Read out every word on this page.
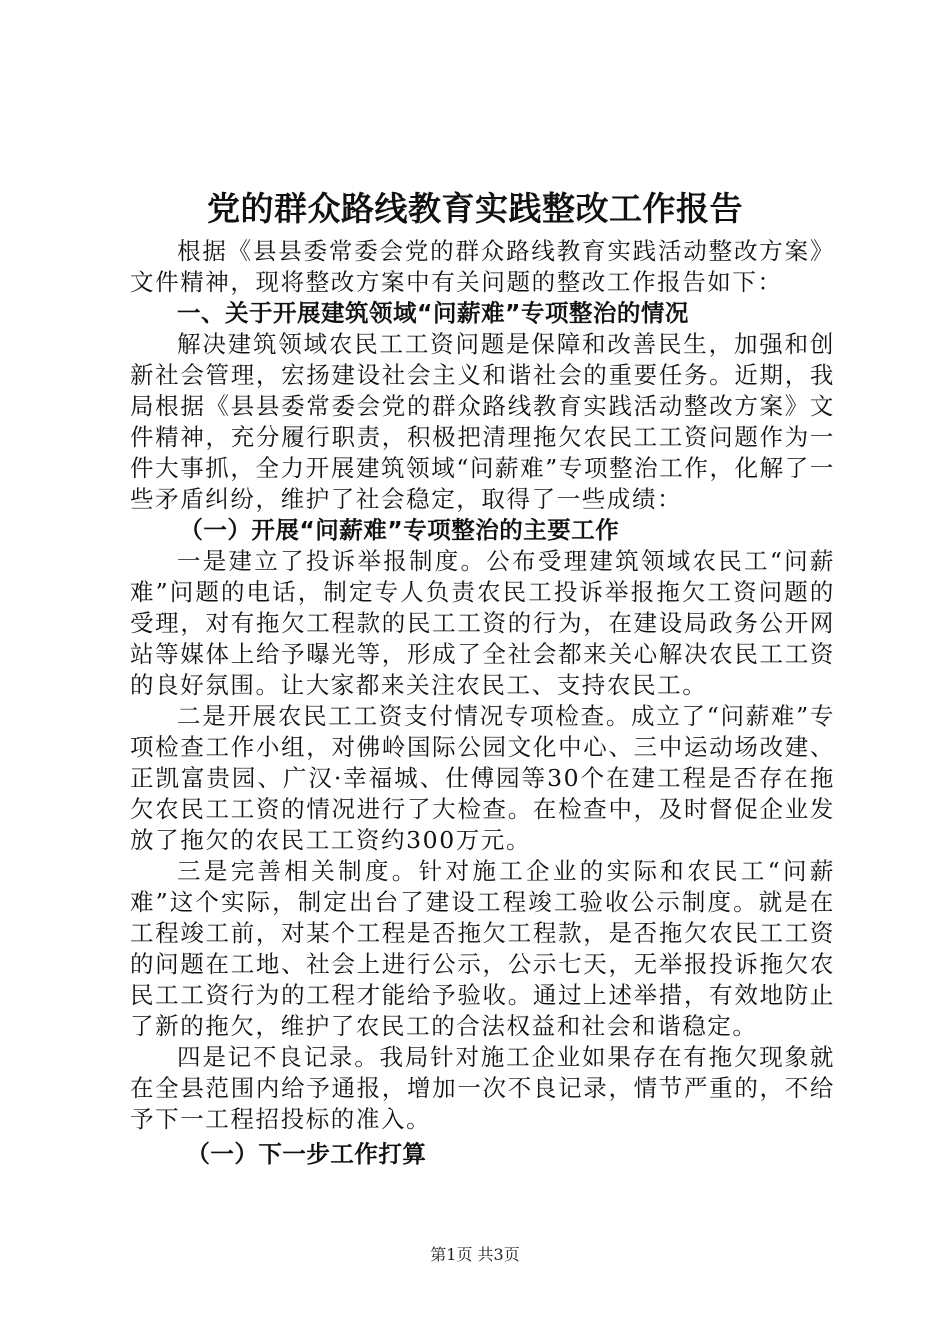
党的群众路线教育实践整改工作报告

根据《县县委常委会党的群众路线教育实践活动整改方案》文件精神，现将整改方案中有关问题的整改工作报告如下：

一、关于开展建筑领域“问薪难”专项整治的情况

解决建筑领域农民工工资问题是保障和改善民生，加强和创新社会管理，宏扬建设社会主义和谐社会的重要任务。近期，我局根据《县县委常委会党的群众路线教育实践活动整改方案》文件精神，充分履行职责，积极把清理拖欠农民工工资问题作为一件大事抓，全力开展建筑领域“问薪难”专项整治工作，化解了一些矛盾纠纷，维护了社会稳定，取得了一些成绩：

（一）开展“问薪难”专项整治的主要工作

一是建立了投诉举报制度。公布受理建筑领域农民工“问薪难”问题的电话，制定专人负责农民工投诉举报拖欠工资问题的受理，对有拖欠工程款的民工工资的行为，在建设局政务公开网站等媒体上给予曝光等，形成了全社会都来关心解决农民工工资的良好氛围。让大家都来关注农民工、支持农民工。

二是开展农民工工资支付情况专项检查。成立了“问薪难”专项检查工作小组，对佛岭国际公园文化中心、三中运动场改建、正凯富贵园、广汉·幸福城、仕傅园等30个在建工程是否存在拖欠农民工工资的情况进行了大检查。在检查中，及时督促企业发放了拖欠的农民工工资约300万元。

三是完善相关制度。针对施工企业的实际和农民工“问薪难”这个实际，制定出台了建设工程竣工验收公示制度。就是在工程竣工前，对某个工程是否拖欠工程款，是否拖欠农民工工资的问题在工地、社会上进行公示，公示七天，无举报投诉拖欠农民工工资行为的工程才能给予验收。通过上述举措，有效地防止了新的拖欠，维护了农民工的合法权益和社会和谐稳定。

四是记不良记录。我局针对施工企业如果存在有拖欠现象就在全县范围内给予通报，增加一次不良记录，情节严重的，不给予下一工程招投标的准入。

（一）下一步工作打算
第1页 共3页
